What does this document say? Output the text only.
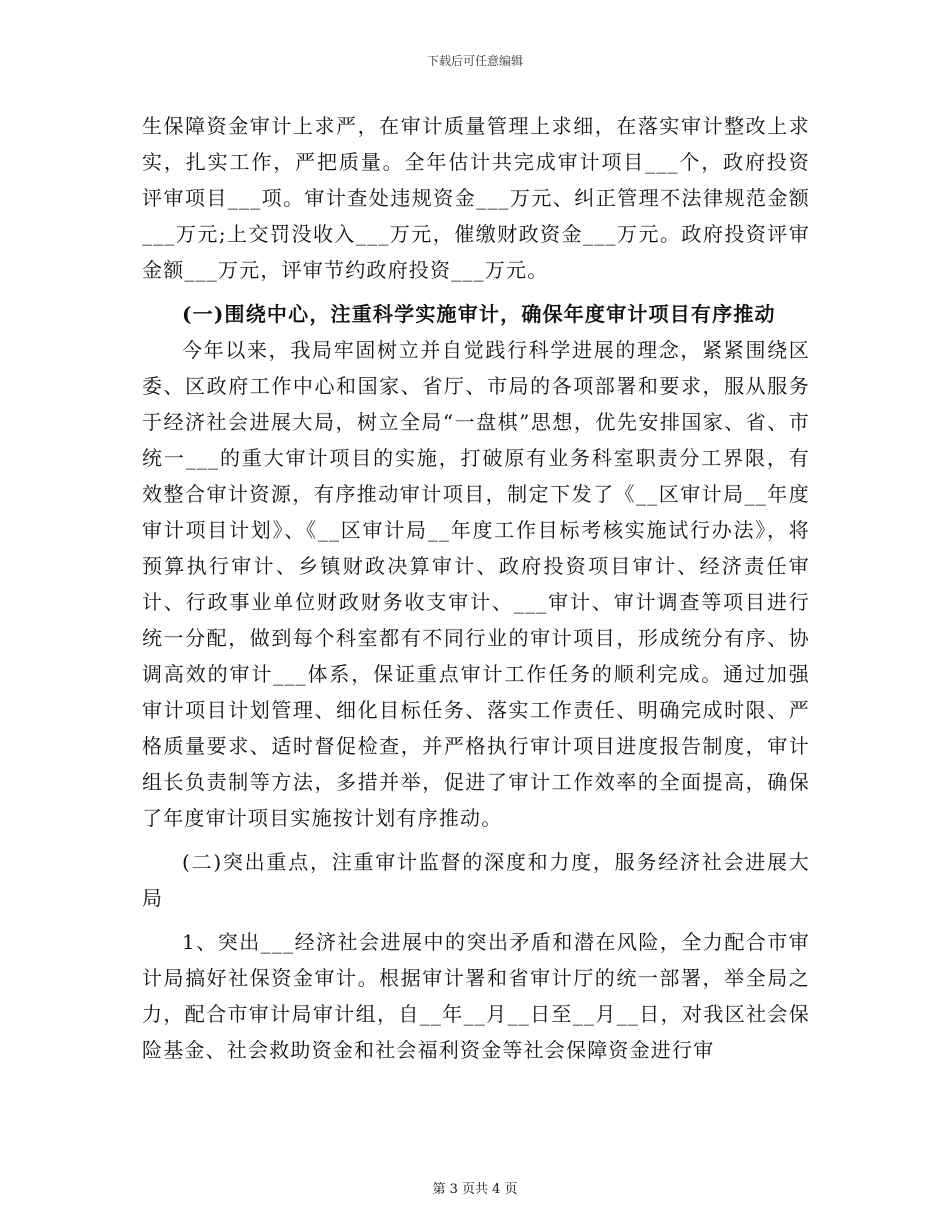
下载后可任意编辑

生保障资金审计上求严，在审计质量管理上求细，在落实审计整改上求实，扎实工作，严把质量。全年估计共完成审计项目___个，政府投资评审项目___项。审计查处违规资金___万元、纠正管理不法律规范金额___万元;上交罚没收入___万元，催缴财政资金___万元。政府投资评审金额___万元，评审节约政府投资___万元。

(一)围绕中心，注重科学实施审计，确保年度审计项目有序推动

今年以来，我局牢固树立并自觉践行科学进展的理念，紧紧围绕区委、区政府工作中心和国家、省厅、市局的各项部署和要求，服从服务于经济社会进展大局，树立全局“一盘棋”思想，优先安排国家、省、市统一___的重大审计项目的实施，打破原有业务科室职责分工界限，有效整合审计资源，有序推动审计项目，制定下发了《__区审计局__年度审计项目计划》、《__区审计局__年度工作目标考核实施试行办法》，将预算执行审计、乡镇财政决算审计、政府投资项目审计、经济责任审计、行政事业单位财政财务收支审计、___审计、审计调查等项目进行统一分配，做到每个科室都有不同行业的审计项目，形成统分有序、协调高效的审计___体系，保证重点审计工作任务的顺利完成。通过加强审计项目计划管理、细化目标任务、落实工作责任、明确完成时限、严格质量要求、适时督促检查，并严格执行审计项目进度报告制度，审计组长负责制等方法，多措并举，促进了审计工作效率的全面提高，确保了年度审计项目实施按计划有序推动。

(二)突出重点，注重审计监督的深度和力度，服务经济社会进展大局

1、突出___经济社会进展中的突出矛盾和潜在风险，全力配合市审计局搞好社保资金审计。根据审计署和省审计厅的统一部署，举全局之力，配合市审计局审计组，自__年__月__日至__月__日，对我区社会保险基金、社会救助资金和社会福利资金等社会保障资金进行审

第 3 页共 4 页
